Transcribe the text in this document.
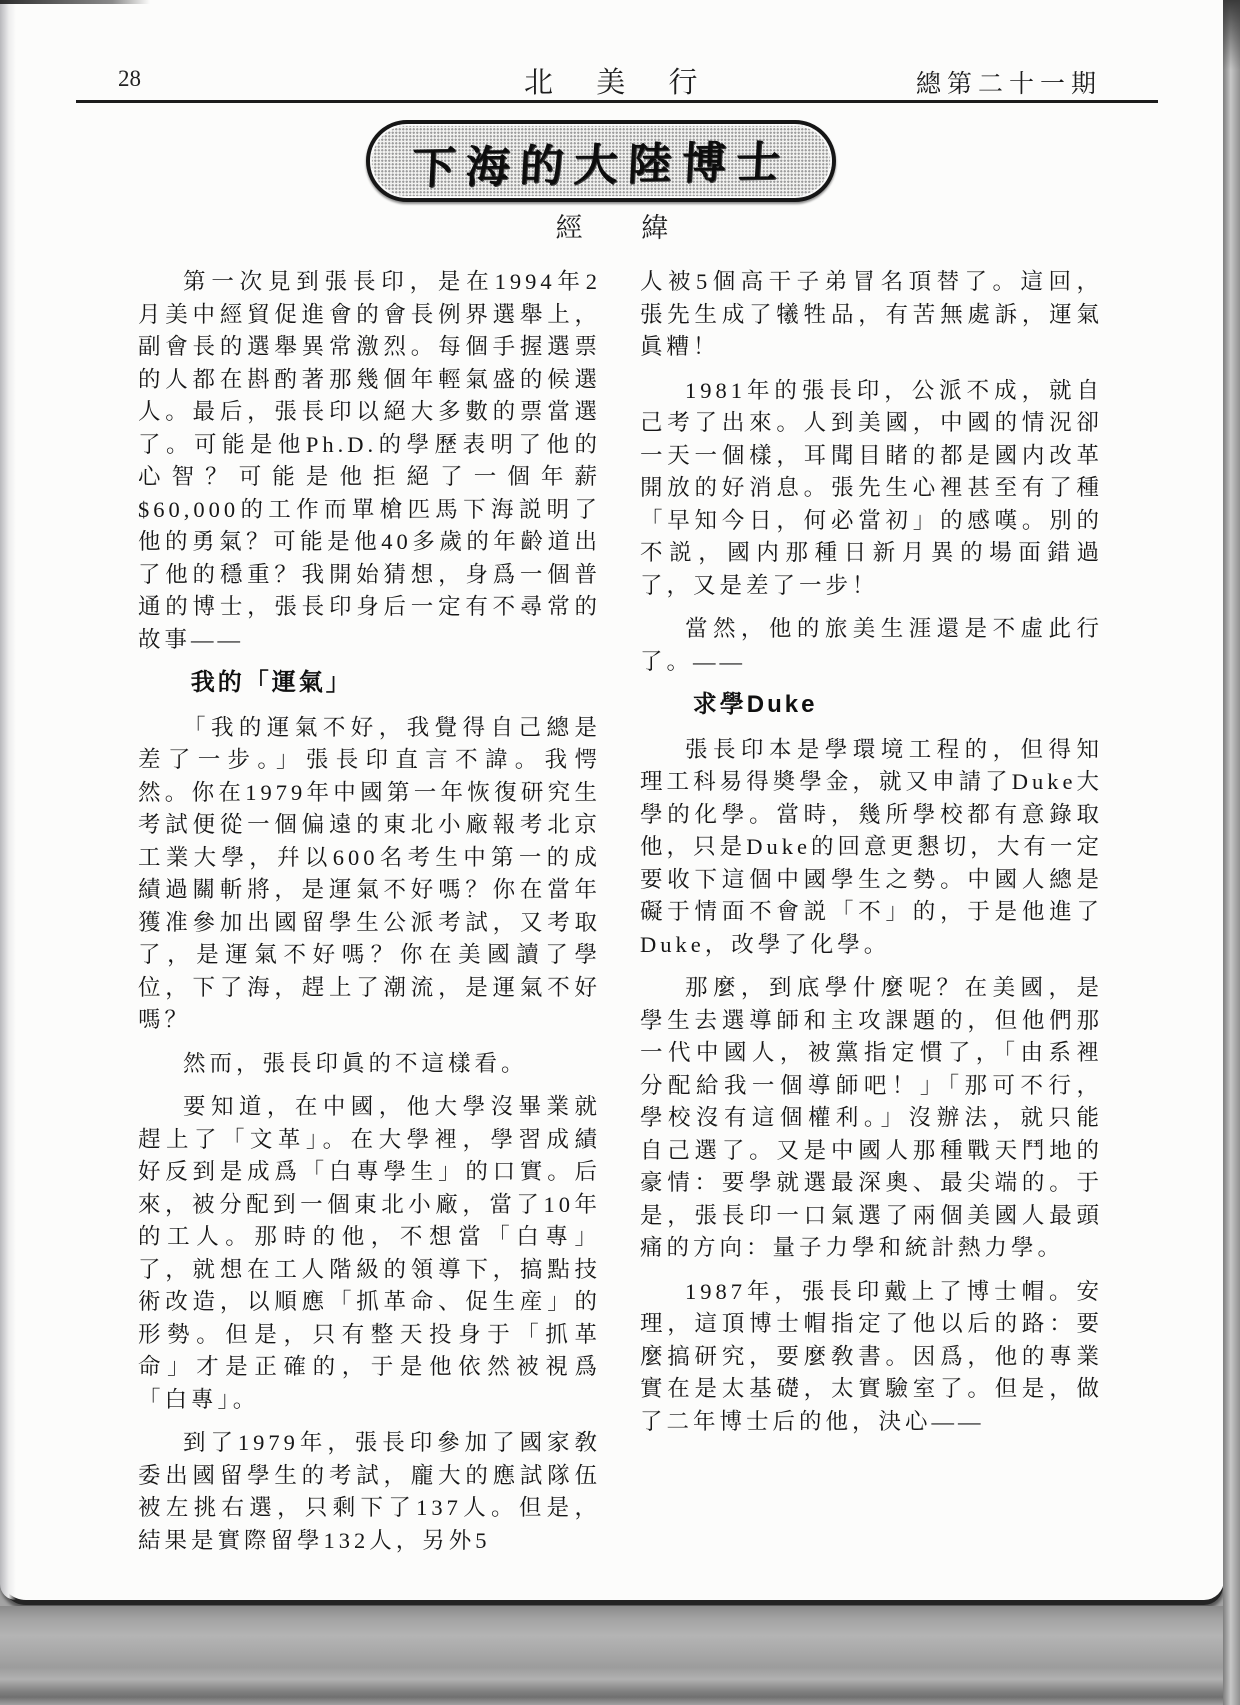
28	北 美 行	總第二十一期
下海的大陸博士
經 緯

第一次見到張長印，是在1994年2月美中經貿促進會的會長例界選舉上，副會長的選舉異常激烈。每個手握選票的人都在斟酌著那幾個年輕氣盛的候選人。最后，張長印以絕大多數的票當選了。可能是他Ph.D.的學歷表明了他的心智？可能是他拒絕了一個年薪$60,000的工作而單槍匹馬下海説明了他的勇氣？可能是他40多歲的年齡道出了他的穩重？我開始猜想，身爲一個普通的博士，張長印身后一定有不尋常的故事——

我的「運氣」

「我的運氣不好，我覺得自己總是差了一步。」張長印直言不諱。我愕然。你在1979年中國第一年恢復研究生考試便從一個偏遠的東北小廠報考北京工業大學，幷以600名考生中第一的成績過關斬將，是運氣不好嗎？你在當年獲准參加出國留學生公派考試，又考取了，是運氣不好嗎？你在美國讀了學位，下了海，趕上了潮流，是運氣不好嗎？

然而，張長印眞的不這樣看。

要知道，在中國，他大學沒畢業就趕上了「文革」。在大學裡，學習成績好反到是成爲「白專學生」的口實。后來，被分配到一個東北小廠，當了10年的工人。那時的他，不想當「白專」了，就想在工人階級的領導下，搞點技術改造，以順應「抓革命、促生産」的形勢。但是，只有整天投身于「抓革命」才是正確的，于是他依然被視爲「白專」。

到了1979年，張長印參加了國家敎委出國留學生的考試，龐大的應試隊伍被左挑右選，只剩下了137人。但是，結果是實際留學132人，另外5

人被5個高干子弟冒名頂替了。這回，張先生成了犧牲品，有苦無處訴，運氣眞糟！

1981年的張長印，公派不成，就自己考了出來。人到美國，中國的情況卻一天一個樣，耳聞目睹的都是國内改革開放的好消息。張先生心裡甚至有了種「早知今日，何必當初」的感嘆。別的不説，國内那種日新月異的場面錯過了，又是差了一步！

當然，他的旅美生涯還是不虛此行了。——

求學Duke

張長印本是學環境工程的，但得知理工科易得奬學金，就又申請了Duke大學的化學。當時，幾所學校都有意錄取他，只是Duke的回意更懇切，大有一定要收下這個中國學生之勢。中國人總是礙于情面不會説「不」的，于是他進了Duke，改學了化學。

那麼，到底學什麼呢？在美國，是學生去選導師和主攻課題的，但他們那一代中國人，被黨指定慣了，「由系裡分配給我一個導師吧！」「那可不行，學校沒有這個權利。」沒辦法，就只能自己選了。又是中國人那種戰天鬥地的豪情：要學就選最深奧、最尖端的。于是，張長印一口氣選了兩個美國人最頭痛的方向：量子力學和統計熱力學。

1987年，張長印戴上了博士帽。安理，這頂博士帽指定了他以后的路：要麼搞研究，要麼敎書。因爲，他的專業實在是太基礎，太實驗室了。但是，做了二年博士后的他，決心——
